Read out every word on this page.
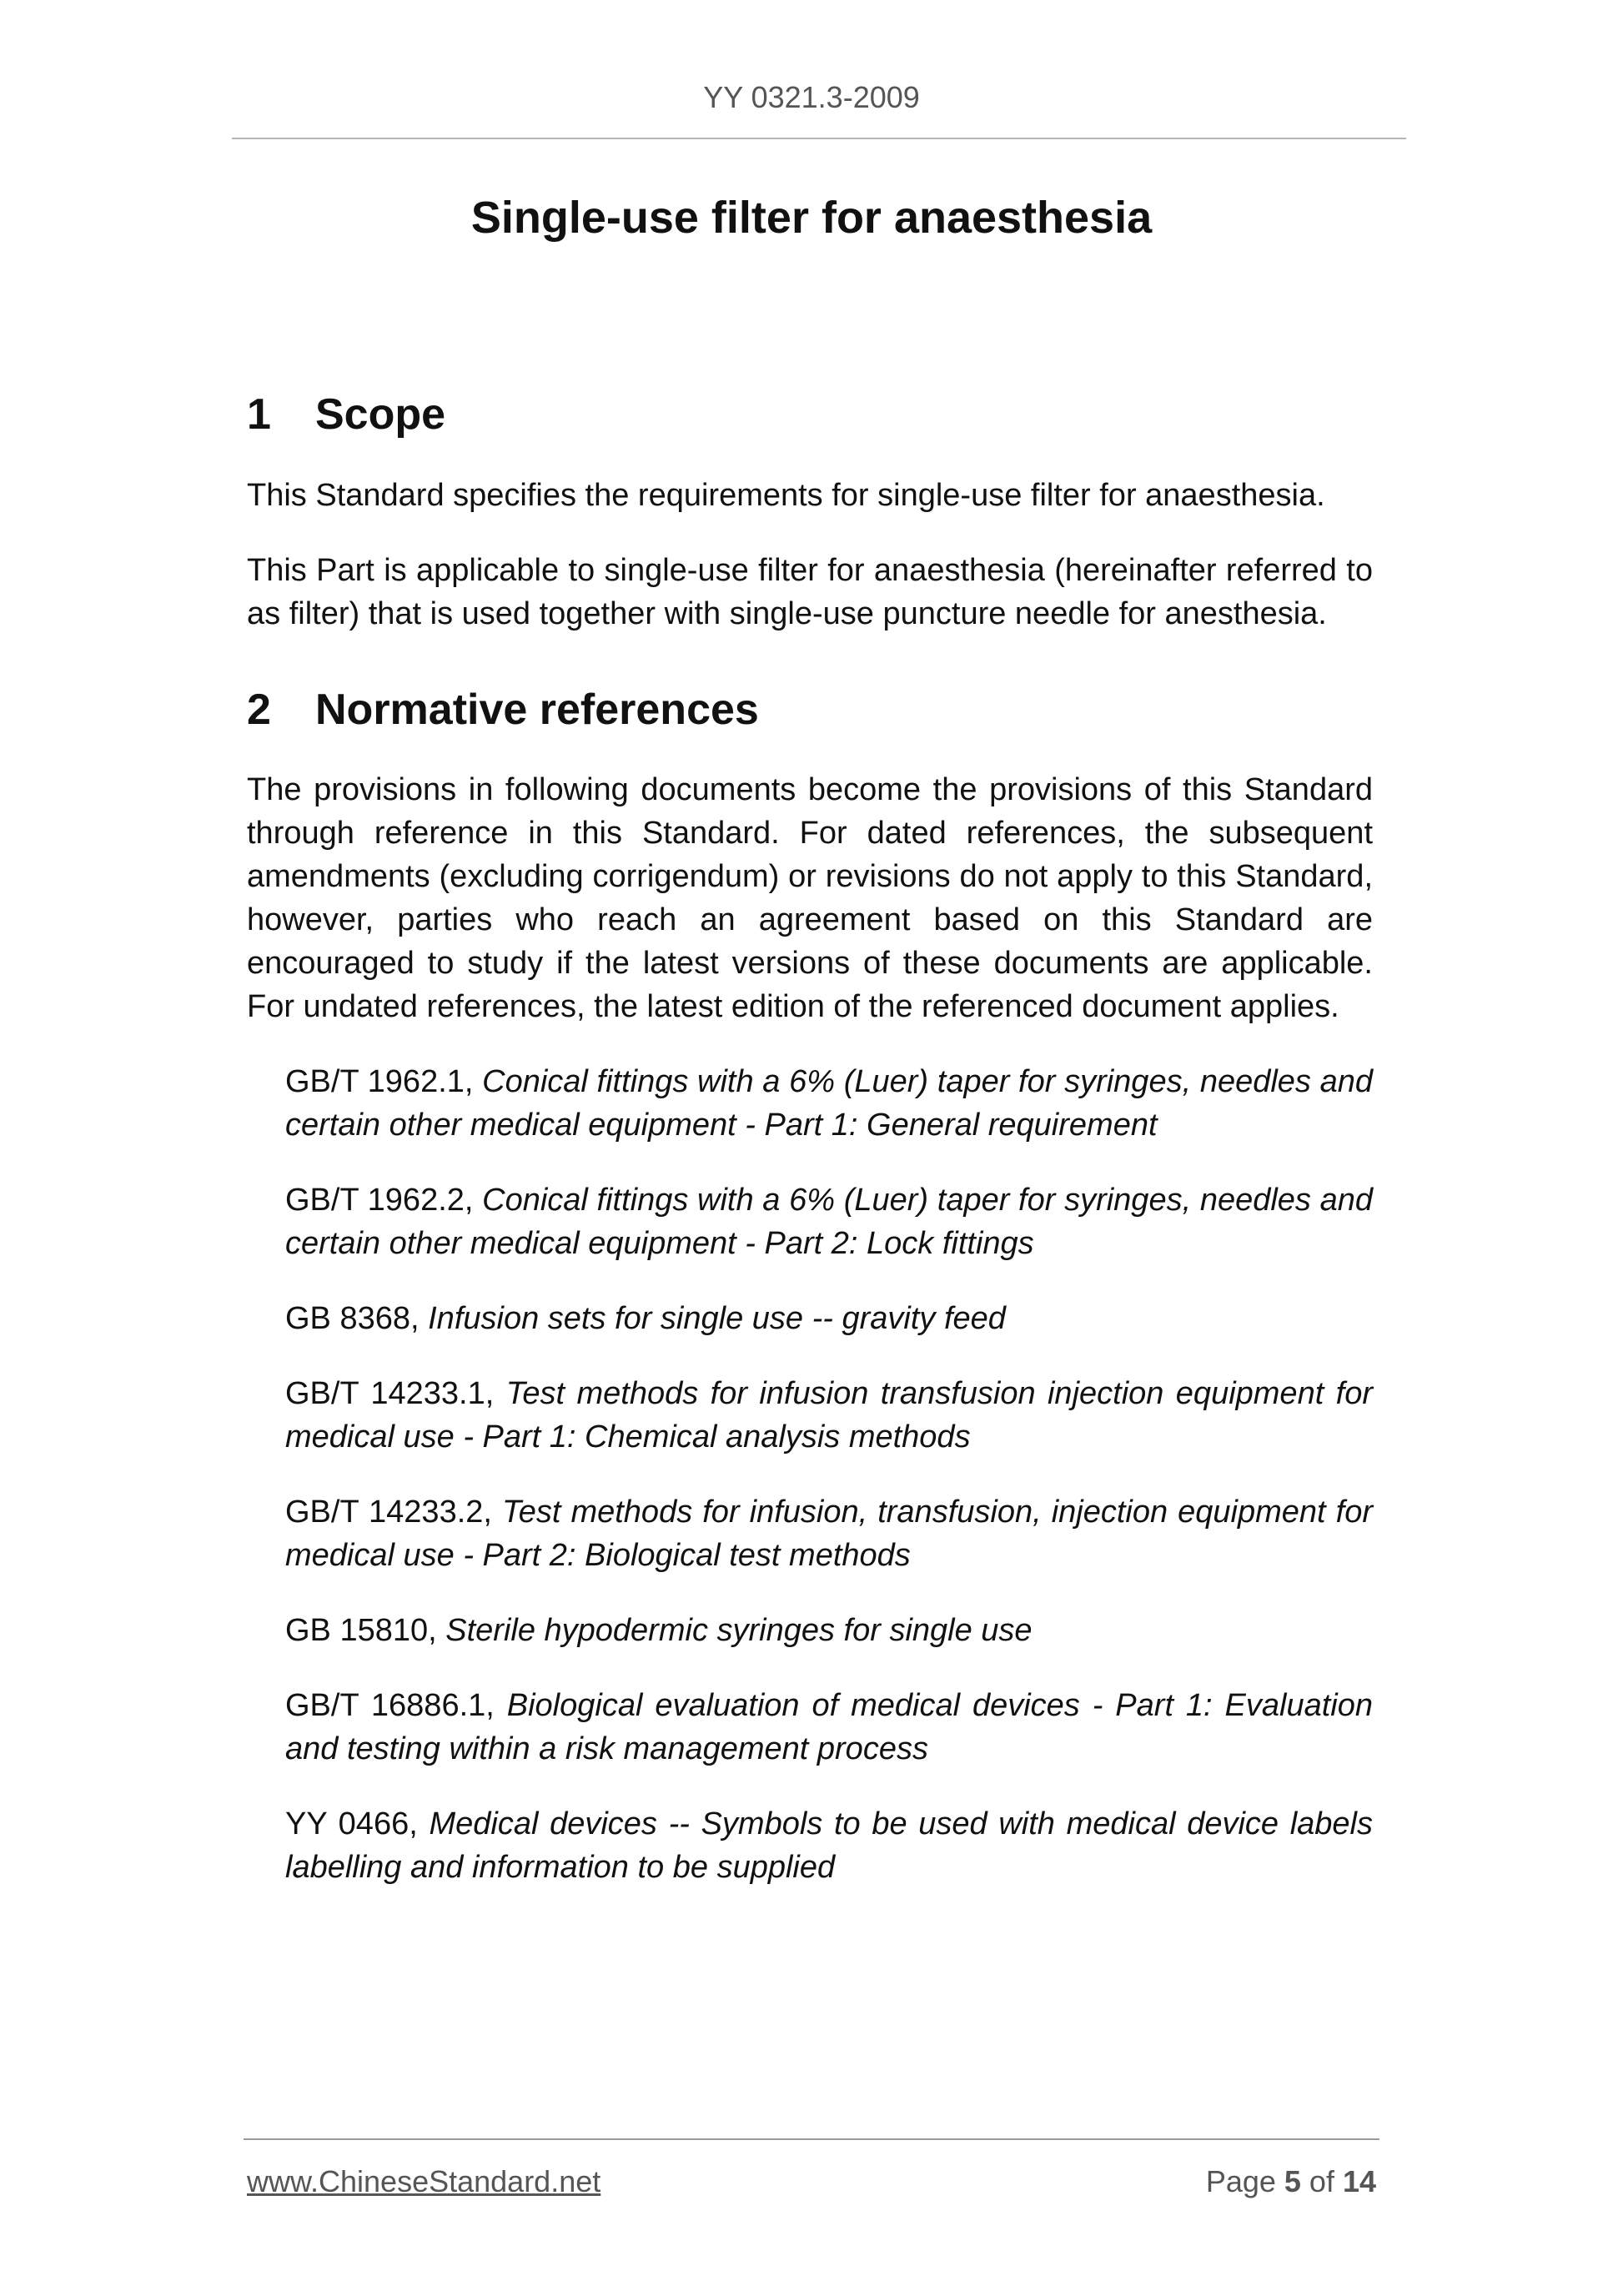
YY 0321.3-2009
Single-use filter for anaesthesia
1	Scope

This Standard specifies the requirements for single-use filter for anaesthesia.

This Part is applicable to single-use filter for anaesthesia (hereinafter referred to as filter) that is used together with single-use puncture needle for anesthesia.

2	Normative references

The provisions in following documents become the provisions of this Standard through reference in this Standard. For dated references, the subsequent amendments (excluding corrigendum) or revisions do not apply to this Standard, however, parties who reach an agreement based on this Standard are encouraged to study if the latest versions of these documents are applicable. For undated references, the latest edition of the referenced document applies.

GB/T 1962.1, Conical fittings with a 6% (Luer) taper for syringes, needles and certain other medical equipment - Part 1: General requirement
GB/T 1962.2, Conical fittings with a 6% (Luer) taper for syringes, needles and certain other medical equipment - Part 2: Lock fittings
GB 8368, Infusion sets for single use -- gravity feed
GB/T 14233.1, Test methods for infusion transfusion injection equipment for medical use - Part 1: Chemical analysis methods
GB/T 14233.2, Test methods for infusion, transfusion, injection equipment for medical use - Part 2: Biological test methods
GB 15810, Sterile hypodermic syringes for single use
GB/T 16886.1, Biological evaluation of medical devices - Part 1: Evaluation and testing within a risk management process
YY 0466, Medical devices -- Symbols to be used with medical device labels labelling and information to be supplied
www.ChineseStandard.net	Page 5 of 14
